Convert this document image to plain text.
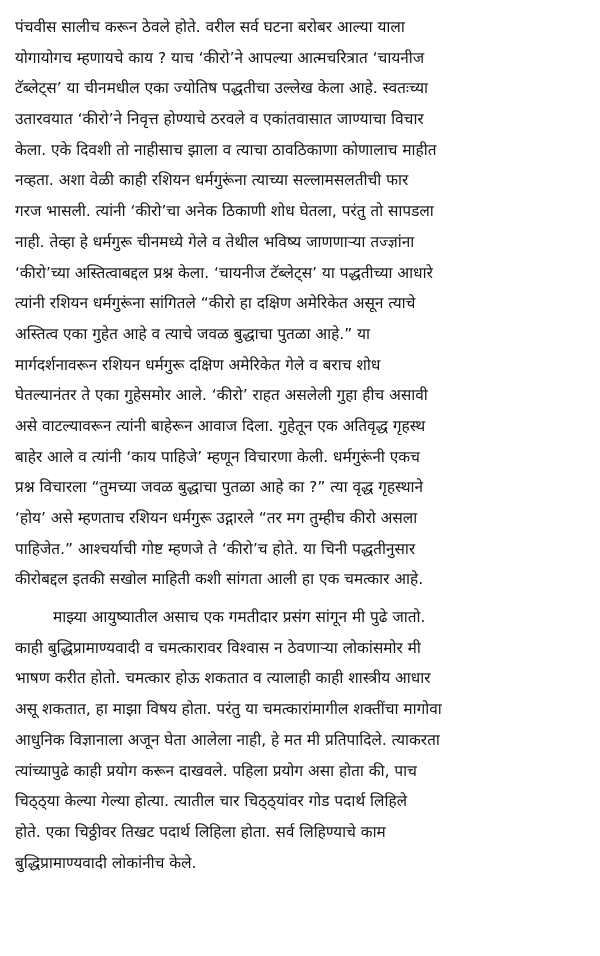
पंचवीस सालीच करून ठेवले होते. वरील सर्व घटना बरोबर आल्या याला
योगायोगच म्हणायचे काय ? याच ‘कीरो’ने आपल्या आत्मचरित्रात ‘चायनीज
टॅब्लेट्स’ या चीनमधील एका ज्योतिष पद्धतीचा उल्लेख केला आहे. स्वतःच्या
उतारवयात ‘कीरो’ने निवृत्त होण्याचे ठरवले व एकांतवासात जाण्याचा विचार
केला. एके दिवशी तो नाहीसाच झाला व त्याचा ठावठिकाणा कोणालाच माहीत
नव्हता. अशा वेळी काही रशियन धर्मगुरूंना त्याच्या सल्लामसलतीची फार
गरज भासली. त्यांनी ‘कीरो’चा अनेक ठिकाणी शोध घेतला, परंतु तो सापडला
नाही. तेव्हा हे धर्मगुरू चीनमध्ये गेले व तेथील भविष्य जाणणाऱ्या तज्ज्ञांना
‘कीरो’च्या अस्तित्वाबद्दल प्रश्न केला. ‘चायनीज टॅब्लेट्स’ या पद्धतीच्या आधारे
त्यांनी रशियन धर्मगुरूंना सांगितले “कीरो हा दक्षिण अमेरिकेत असून त्याचे
अस्तित्व एका गुहेत आहे व त्याचे जवळ बुद्धाचा पुतळा आहे.” या
मार्गदर्शनावरून रशियन धर्मगुरू दक्षिण अमेरिकेत गेले व बराच शोध
घेतल्यानंतर ते एका गुहेसमोर आले. ‘कीरो’ राहत असलेली गुहा हीच असावी
असे वाटल्यावरून त्यांनी बाहेरून आवाज दिला. गुहेतून एक अतिवृद्ध गृहस्थ
बाहेर आले व त्यांनी ‘काय पाहिजे’ म्हणून विचारणा केली. धर्मगुरूंनी एकच
प्रश्न विचारला “तुमच्या जवळ बुद्धाचा पुतळा आहे का ?” त्या वृद्ध गृहस्थाने
‘होय’ असे म्हणताच रशियन धर्मगुरू उद्गारले “तर मग तुम्हीच कीरो असला
पाहिजेत.” आश्चर्याची गोष्ट म्हणजे ते ‘कीरो’च होते. या चिनी पद्धतीनुसार
कीरोबद्दल इतकी सखोल माहिती कशी सांगता आली हा एक चमत्कार आहे.
माझ्या आयुष्यातील असाच एक गमतीदार प्रसंग सांगून मी पुढे जातो.
काही बुद्धिप्रामाण्यवादी व चमत्कारावर विश्वास न ठेवणाऱ्या लोकांसमोर मी
भाषण करीत होतो. चमत्कार होऊ शकतात व त्यालाही काही शास्त्रीय आधार
असू शकतात, हा माझा विषय होता. परंतु या चमत्कारांमागील शक्तींचा मागोवा
आधुनिक विज्ञानाला अजून घेता आलेला नाही, हे मत मी प्रतिपादिले. त्याकरता
त्यांच्यापुढे काही प्रयोग करून दाखवले. पहिला प्रयोग असा होता की, पाच
चिठ्ठ्या केल्या गेल्या होत्या. त्यातील चार चिठ्ठ्यांवर गोड पदार्थ लिहिले
होते. एका चिठ्ठीवर तिखट पदार्थ लिहिला होता. सर्व लिहिण्याचे काम
बुद्धिप्रामाण्यवादी लोकांनीच केले.
